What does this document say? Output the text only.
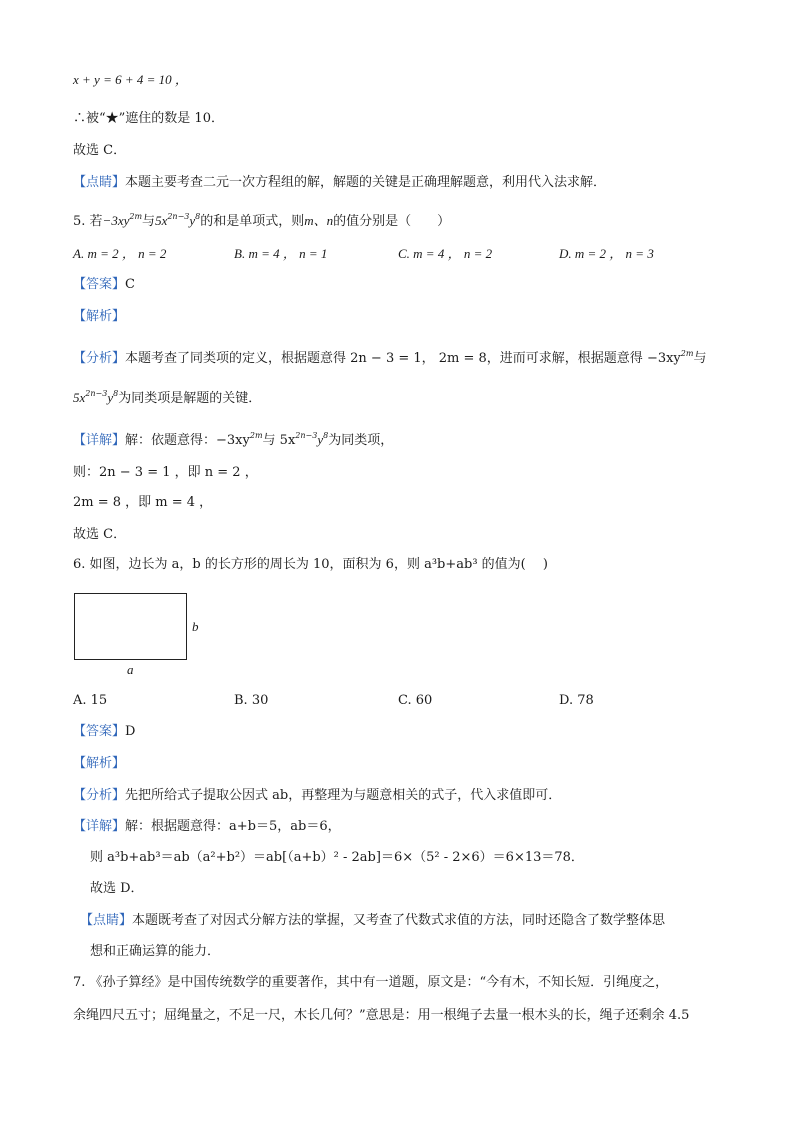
x + y = 6 + 4 = 10 ，
∴被“★”遮住的数是 10．
故选 C．
【点睛】本题主要考查二元一次方程组的解，解题的关键是正确理解题意，利用代入法求解．
5. 若$-3xy^{2m}$与$5x^{2n-3}y^8$的和是单项式，则m、n的值分别是（　　）
A. m = 2 ， n = 2	B. m = 4 ， n = 1	C. m = 4 ， n = 2	D. m = 2 ， n = 3
【答案】C
【解析】
【分析】本题考查了同类项的定义，根据题意得 2n − 3 = 1， 2m = 8，进而可求解，根据题意得 $-3xy^{2m}$与
$5x^{2n-3}y^8$为同类项是解题的关键．
【详解】解：依题意得：$-3xy^{2m}$与 $5x^{2n-3}y^8$为同类项，
则：2n − 3 = 1 ，即 n = 2 ，
2m = 8 ，即 m = 4 ，
故选 C．
6. 如图，边长为 a，b 的长方形的周长为 10，面积为 6，则 a³b+ab³ 的值为(　 )
b
a
A. 15	B. 30	C. 60	D. 78
【答案】D
【解析】
【分析】先把所给式子提取公因式 ab，再整理为与题意相关的式子，代入求值即可．
【详解】解：根据题意得：a+b＝5，ab＝6，
则 a³b+ab³＝ab（a²+b²）＝ab[（a+b）² - 2ab]＝6×（5² - 2×6）＝6×13＝78．
故选 D．
【点睛】本题既考查了对因式分解方法的掌握，又考查了代数式求值的方法，同时还隐含了数学整体思
想和正确运算的能力．
7. 《孙子算经》是中国传统数学的重要著作，其中有一道题，原文是：“今有木，不知长短．引绳度之，
余绳四尺五寸；屈绳量之，不足一尺，木长几何？”意思是：用一根绳子去量一根木头的长，绳子还剩余 4.5
